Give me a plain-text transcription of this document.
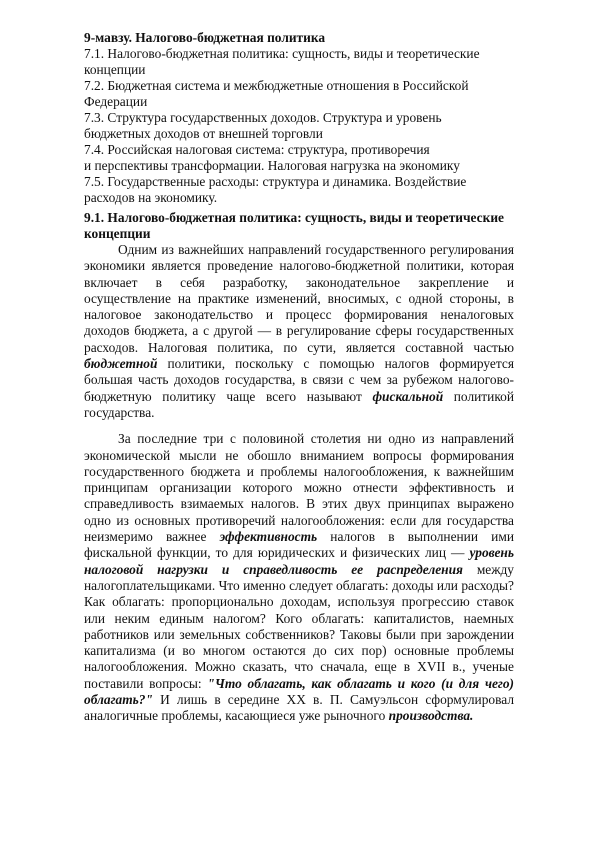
9-мавзу. Налогово-бюджетная политика

7.1. Налогово-бюджетная политика: сущность, виды и теоретические

концепции

7.2. Бюджетная система и межбюджетные отношения в Российской

Федерации

7.3. Структура государственных доходов. Структура и уровень

бюджетных доходов от внешней торговли

7.4. Российская налоговая система: структура, противоречия

и перспективы трансформации. Налоговая нагрузка на экономику

7.5. Государственные расходы: структура и динамика. Воздействие

расходов на экономику.

9.1. Налогово-бюджетная политика: сущность, виды и теоретические концепции

Одним из важнейших направлений государственного регулирования экономики является проведение налогово-бюджетной политики, которая включает в себя разработку, законодательное закрепление и осуществление на практике изменений, вносимых, с одной стороны, в налоговое законодательство и процесс формирования неналоговых доходов бюджета, а с другой — в регулирование сферы государственных расходов. Налоговая политика, по сути, является составной частью бюджетной политики, поскольку с помощью налогов формируется большая часть доходов государства, в связи с чем за рубежом налогово-бюджетную политику чаще всего называют фискальной политикой государства.

За последние три с половиной столетия ни одно из направлений экономической мысли не обошло вниманием вопросы формирования государственного бюджета и проблемы налогообложения, к важнейшим принципам организации которого можно отнести эффективность и справедливость взимаемых налогов. В этих двух принципах выражено одно из основных противоречий налогообложения: если для государства неизмеримо важнее эффективность налогов в выполнении ими фискальной функции, то для юридических и физических лиц — уровень налоговой нагрузки и справедливость ее распределения между налогоплательщиками. Что именно следует облагать: доходы или расходы? Как облагать: пропорционально доходам, используя прогрессию ставок или неким единым налогом? Кого облагать: капиталистов, наемных работников или земельных собственников? Таковы были при зарождении капитализма (и во многом остаются до сих пор) основные проблемы налогообложения. Можно сказать, что сначала, еще в XVII в., ученые поставили вопросы: "Что облагать, как облагать и кого (и для чего) облагать?" И лишь в середине XX в. П. Самуэльсон сформулировал аналогичные проблемы, касающиеся уже рыночного производства.
